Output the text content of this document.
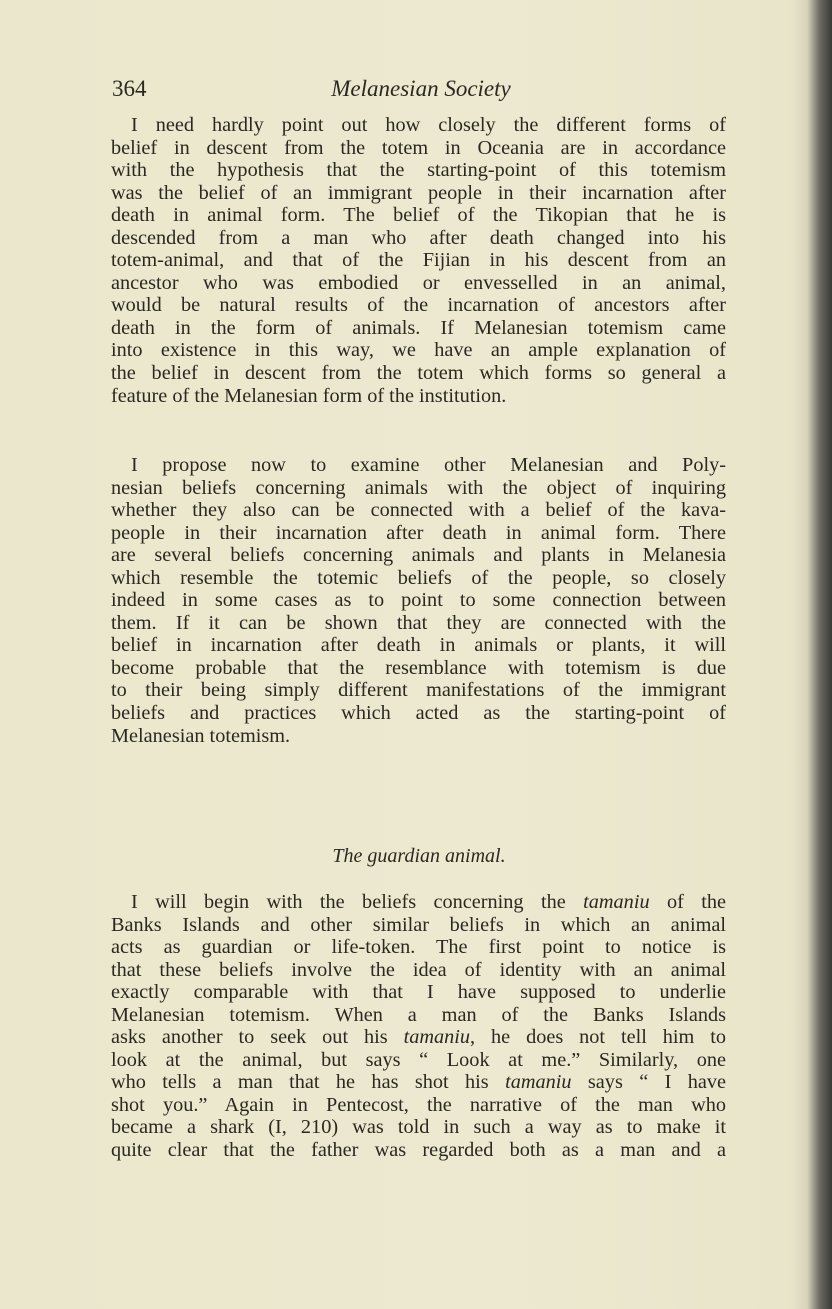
364	Melanesian Society
I need hardly point out how closely the different forms of
belief in descent from the totem in Oceania are in accordance
with the hypothesis that the starting-point of this totemism
was the belief of an immigrant people in their incarnation after
death in animal form. The belief of the Tikopian that he is
descended from a man who after death changed into his
totem-animal, and that of the Fijian in his descent from an
ancestor who was embodied or envesselled in an animal,
would be natural results of the incarnation of ancestors after
death in the form of animals. If Melanesian totemism came
into existence in this way, we have an ample explanation of
the belief in descent from the totem which forms so general a
feature of the Melanesian form of the institution.
I propose now to examine other Melanesian and Poly-
nesian beliefs concerning animals with the object of inquiring
whether they also can be connected with a belief of the kava-
people in their incarnation after death in animal form. There
are several beliefs concerning animals and plants in Melanesia
which resemble the totemic beliefs of the people, so closely
indeed in some cases as to point to some connection between
them. If it can be shown that they are connected with the
belief in incarnation after death in animals or plants, it will
become probable that the resemblance with totemism is due
to their being simply different manifestations of the immigrant
beliefs and practices which acted as the starting-point of
Melanesian totemism.
The guardian animal.
I will begin with the beliefs concerning the tamaniu of the
Banks Islands and other similar beliefs in which an animal
acts as guardian or life-token. The first point to notice is
that these beliefs involve the idea of identity with an animal
exactly comparable with that I have supposed to underlie
Melanesian totemism. When a man of the Banks Islands
asks another to seek out his tamaniu, he does not tell him to
look at the animal, but says “ Look at me.” Similarly, one
who tells a man that he has shot his tamaniu says “ I have
shot you.” Again in Pentecost, the narrative of the man who
became a shark (I, 210) was told in such a way as to make it
quite clear that the father was regarded both as a man and a
